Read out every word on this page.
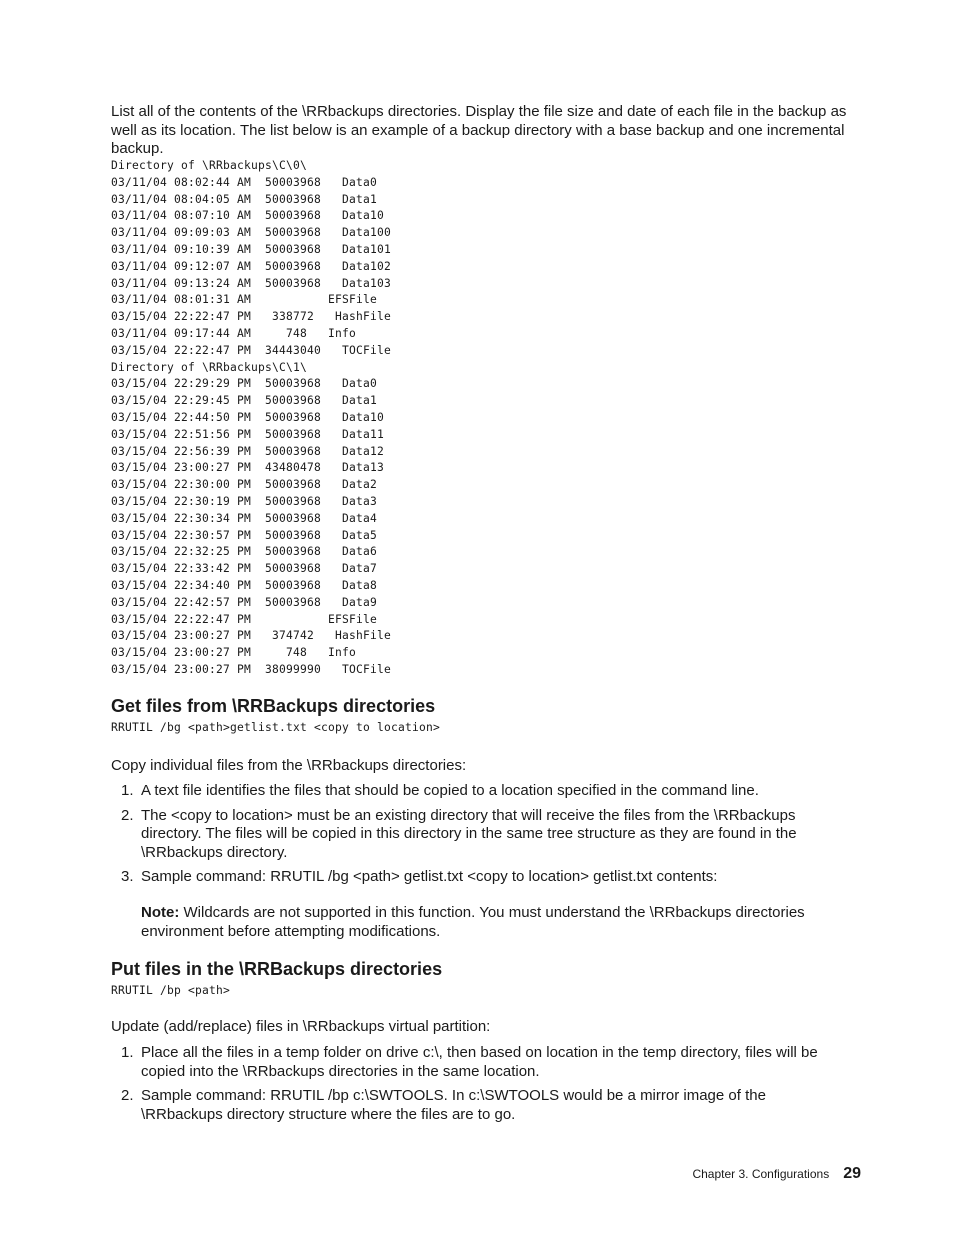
List all of the contents of the \RRbackups directories. Display the file size and date of each file in the backup as well as its location. The list below is an example of a backup directory with a base backup and one incremental backup.

Directory of \RRbackups\C\0\
03/11/04 08:02:44 AM  50003968   Data0
03/11/04 08:04:05 AM  50003968   Data1
03/11/04 08:07:10 AM  50003968   Data10
03/11/04 09:09:03 AM  50003968   Data100
03/11/04 09:10:39 AM  50003968   Data101
03/11/04 09:12:07 AM  50003968   Data102
03/11/04 09:13:24 AM  50003968   Data103
03/11/04 08:01:31 AM           EFSFile
03/15/04 22:22:47 PM   338772   HashFile
03/11/04 09:17:44 AM     748   Info
03/15/04 22:22:47 PM  34443040   TOCFile
Directory of \RRbackups\C\1\
03/15/04 22:29:29 PM  50003968   Data0
03/15/04 22:29:45 PM  50003968   Data1
03/15/04 22:44:50 PM  50003968   Data10
03/15/04 22:51:56 PM  50003968   Data11
03/15/04 22:56:39 PM  50003968   Data12
03/15/04 23:00:27 PM  43480478   Data13
03/15/04 22:30:00 PM  50003968   Data2
03/15/04 22:30:19 PM  50003968   Data3
03/15/04 22:30:34 PM  50003968   Data4
03/15/04 22:30:57 PM  50003968   Data5
03/15/04 22:32:25 PM  50003968   Data6
03/15/04 22:33:42 PM  50003968   Data7
03/15/04 22:34:40 PM  50003968   Data8
03/15/04 22:42:57 PM  50003968   Data9
03/15/04 22:22:47 PM           EFSFile
03/15/04 23:00:27 PM   374742   HashFile
03/15/04 23:00:27 PM     748   Info
03/15/04 23:00:27 PM  38099990   TOCFile
Get files from \RRBackups directories
RRUTIL /bg <path>getlist.txt <copy to location>

Copy individual files from the \RRbackups directories:

1. A text file identifies the files that should be copied to a location specified in the command line.
2. The <copy to location> must be an existing directory that will receive the files from the \RRbackups directory. The files will be copied in this directory in the same tree structure as they are found in the \RRbackups directory.
3. Sample command: RRUTIL /bg <path> getlist.txt <copy to location> getlist.txt contents:

Note: Wildcards are not supported in this function. You must understand the \RRbackups directories environment before attempting modifications.

Put files in the \RRBackups directories
RRUTIL /bp <path>

Update (add/replace) files in \RRbackups virtual partition:

1. Place all the files in a temp folder on drive c:\, then based on location in the temp directory, files will be copied into the \RRbackups directories in the same location.
2. Sample command: RRUTIL /bp c:\SWTOOLS. In c:\SWTOOLS would be a mirror image of the \RRbackups directory structure where the files are to go.
Chapter 3. Configurations 29
